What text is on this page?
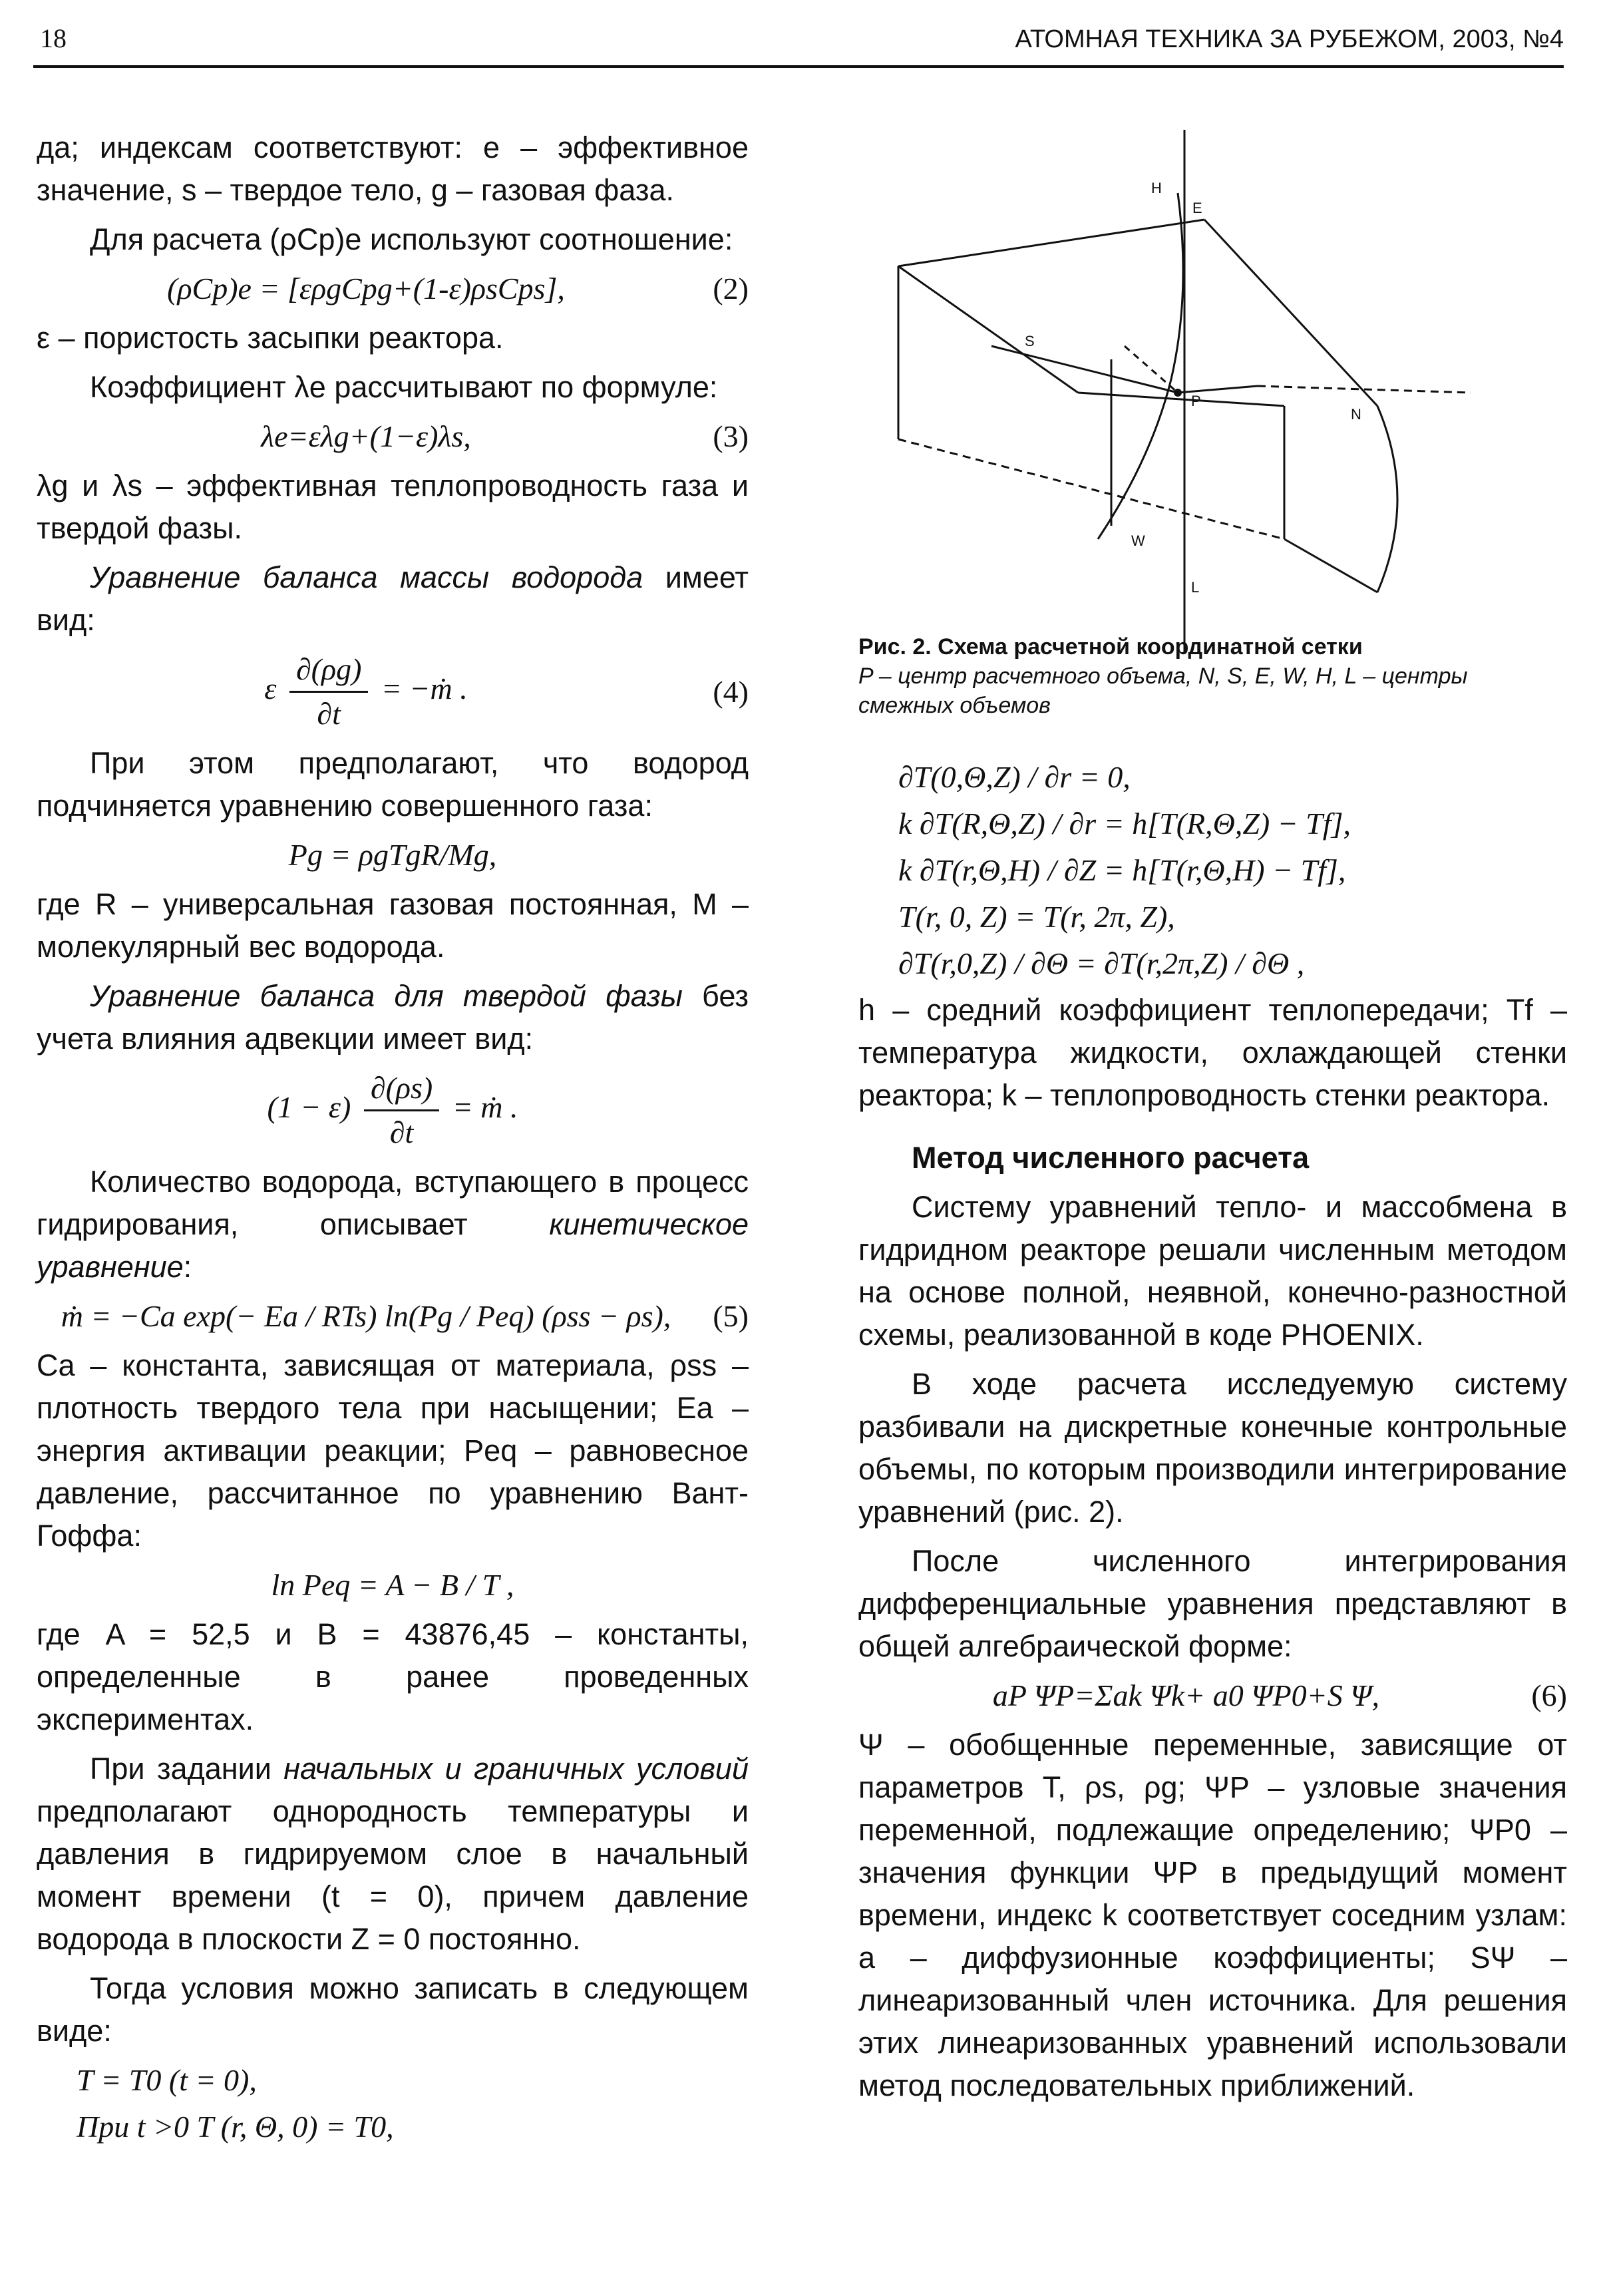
18	АТОМНАЯ ТЕХНИКА ЗА РУБЕЖОМ, 2003, №4

да; индексам соответствуют: e – эффективное значение, s – твердое тело, g – газовая фаза.

Для расчета (ρCp)e используют соотношение:

(ρCp)e = [ερgCpg+(1-ε)ρsCps],	(2)

ε – пористость засыпки реактора.

Коэффициент λe рассчитывают по формуле:

λe=ελg+(1−ε)λs,	(3)

λg и λs – эффективная теплопроводность газа и твердой фазы.

Уравнение баланса массы водорода имеет вид:

ε $\frac{\partial(\rho g)}{\partial t}$ = −ṁ .	(4)

При этом предполагают, что водород подчиняется уравнению совершенного газа:

Pg = ρgTgR/Mg,

где R – универсальная газовая постоянная, M – молекулярный вес водорода.

Уравнение баланса для твердой фазы без учета влияния адвекции имеет вид:

$(1 - \varepsilon) \frac{\partial(\rho s)}{\partial t}$ = ṁ .

Количество водорода, вступающего в процесс гидрирования, описывает кинетическое уравнение:

ṁ = −Ca exp(− Ea / RTs) ln(Pg / Peq) (ρss − ρs),	(5)

Ca – константа, зависящая от материала, ρss – плотность твердого тела при насыщении; Ea – энергия активации реакции; Peq – равновесное давление, рассчитанное по уравнению Вант-Гоффа:

ln Peq = A − B / T ,

где A = 52,5 и B = 43876,45 – константы, определенные в ранее проведенных экспериментах.

При задании начальных и граничных условий предполагают однородность температуры и давления в гидрируемом слое в начальный момент времени (t = 0), причем давление водорода в плоскости Z = 0 постоянно.

Тогда условия можно записать в следующем виде:

T = T0 (t = 0),
При t >0 T (r, Θ, 0) = T0,
H
E
S
P
N
W
L
Рис. 2. Схема расчетной координатной сетки
P – центр расчетного объема, N, S, E, W, H, L – центры смежных объемов
∂T(0,Θ,Z) / ∂r = 0,
k ∂T(R,Θ,Z) / ∂r = h[T(R,Θ,Z) − Tf],
k ∂T(r,Θ,H) / ∂Z = h[T(r,Θ,H) − Tf],
T(r, 0, Z) = T(r, 2π, Z),
∂T(r,0,Z) / ∂Θ = ∂T(r,2π,Z) / ∂Θ ,

h – средний коэффициент теплопередачи; Tf – температура жидкости, охлаждающей стенки реактора; k – теплопроводность стенки реактора.

Метод численного расчета

Систему уравнений тепло- и массобмена в гидридном реакторе решали численным методом на основе полной, неявной, конечно-разностной схемы, реализованной в коде PHOENIX.

В ходе расчета исследуемую систему разбивали на дискретные конечные контрольные объемы, по которым производили интегрирование уравнений (рис. 2).

После численного интегрирования дифференциальные уравнения представляют в общей алгебраической форме:

aP ΨP=Σak Ψk+ a0 ΨP0+S Ψ,	(6)

Ψ – обобщенные переменные, зависящие от параметров T, ρs, ρg; ΨP – узловые значения переменной, подлежащие определению; ΨP0 – значения функции ΨP в предыдущий момент времени, индекс k соответствует соседним узлам: a – диффузионные коэффициенты; SΨ – линеаризованный член источника. Для решения этих линеаризованных уравнений использовали метод последовательных приближений.
